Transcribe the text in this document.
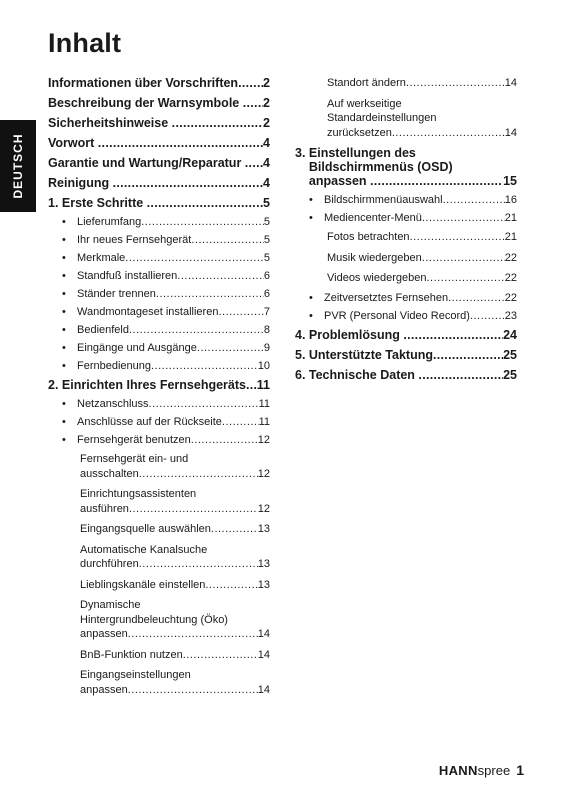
Inhalt
DEUTSCH
Informationen über Vorschriften ..... 2
Beschreibung der Warnsymbole ..... 2
Sicherheitshinweise .....	2
Vorwort .....	4
Garantie und Wartung/Reparatur ..... 4
Reinigung .....	4
1. Erste Schritte .....	5
• Lieferumfang .....	5
• Ihr neues Fernsehgerät .....	5
• Merkmale .....	5
• Standfuß installieren .....	6
• Ständer trennen .....	6
• Wandmontageset installieren .....	7
• Bedienfeld .....	8
• Eingänge und Ausgänge .....	9
• Fernbedienung .....	10
2. Einrichten Ihres Fernsehgeräts ..... 11
• Netzanschluss .....	11
• Anschlüsse auf der Rückseite .....	11
• Fernsehgerät benutzen .....	12
Fernsehgerät ein- und
ausschalten .....	12
Einrichtungsassistenten
ausführen .....	12
Eingangsquelle auswählen .....	13
Automatische Kanalsuche
durchführen .....	13
Lieblingskanäle einstellen .....	13
Dynamische
Hintergrundbeleuchtung (Öko)
anpassen .....	14
BnB-Funktion nutzen .....	14
Eingangseinstellungen
anpassen .....	14
Standort ändern .....	14
Auf werkseitige
Standardeinstellungen
zurücksetzen .....	14
3. Einstellungen des
Bildschirmmenüs (OSD)
anpassen .....	15
• Bildschirmmenüauswahl .....	16
• Mediencenter-Menü .....	21
Fotos betrachten .....	21
Musik wiedergeben .....	22
Videos wiedergeben .....	22
• Zeitversetztes Fernsehen .....	22
• PVR (Personal Video Record) .....	23
4. Problemlösung .....	24
5. Unterstützte Taktung .....	25
6. Technische Daten .....	25
HANNspree 1
